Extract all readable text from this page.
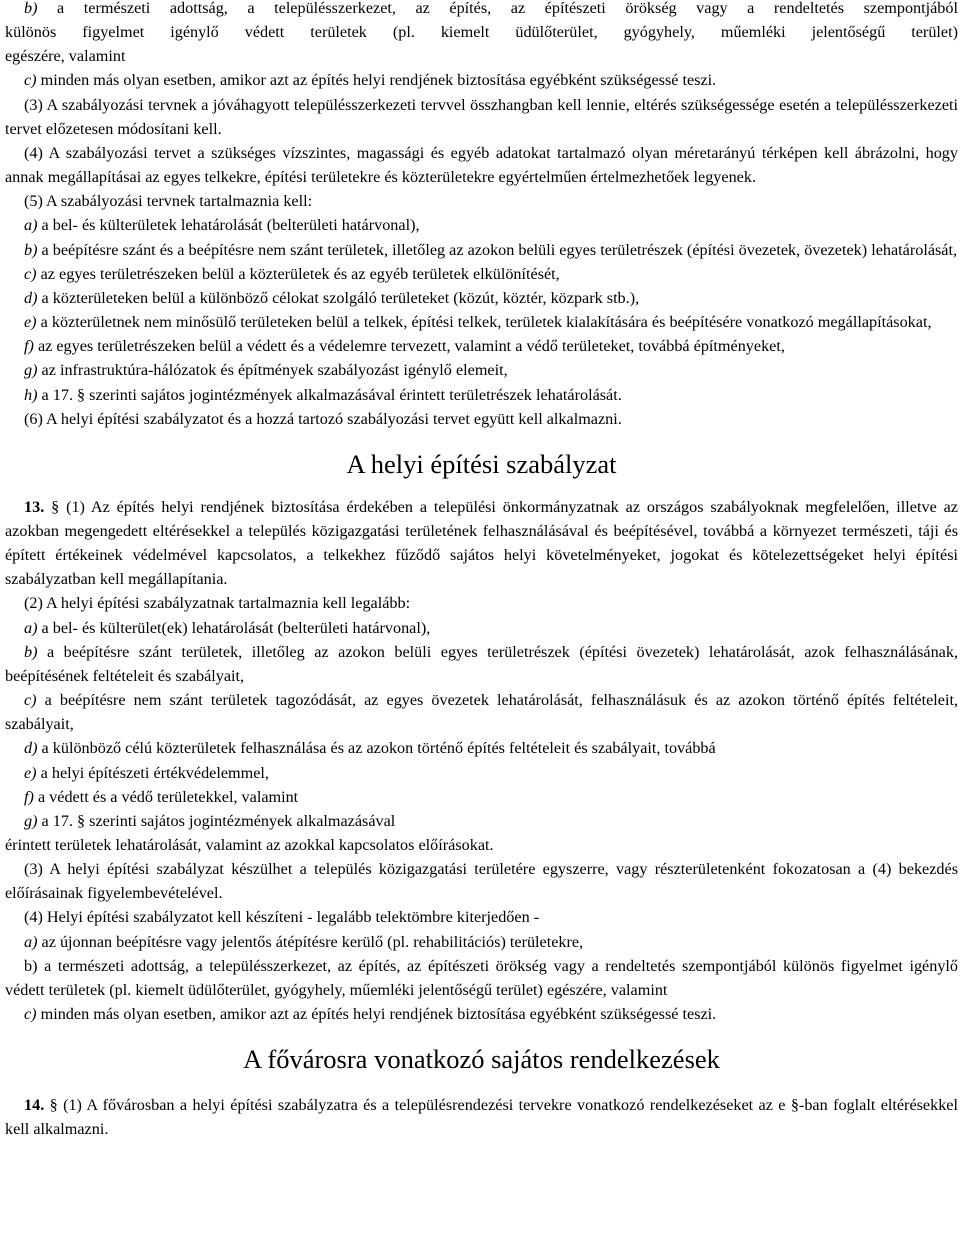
b) a természeti adottság, a településszerkezet, az építés, az építészeti örökség vagy a rendeltetés szempontjából

különös figyelmet igénylő védett területek (pl. kiemelt üdülőterület, gyógyhely, műemléki jelentőségű terület)

egészére, valamint

c) minden más olyan esetben, amikor azt az építés helyi rendjének biztosítása egyébként szükségessé teszi.

(3) A szabályozási tervnek a jóváhagyott településszerkezeti tervvel összhangban kell lennie, eltérés szükségessége esetén a településszerkezeti tervet előzetesen módosítani kell.

(4) A szabályozási tervet a szükséges vízszintes, magassági és egyéb adatokat tartalmazó olyan méretarányú térképen kell ábrázolni, hogy annak megállapításai az egyes telkekre, építési területekre és közterületekre egyértelműen értelmezhetőek legyenek.

(5) A szabályozási tervnek tartalmaznia kell:

a) a bel- és külterületek lehatárolását (belterületi határvonal),

b) a beépítésre szánt és a beépítésre nem szánt területek, illetőleg az azokon belüli egyes területrészek (építési övezetek, övezetek) lehatárolását,

c) az egyes területrészeken belül a közterületek és az egyéb területek elkülönítését,

d) a közterületeken belül a különböző célokat szolgáló területeket (közút, köztér, közpark stb.),

e) a közterületnek nem minősülő területeken belül a telkek, építési telkek, területek kialakítására és beépítésére vonatkozó megállapításokat,

f) az egyes területrészeken belül a védett és a védelemre tervezett, valamint a védő területeket, továbbá építményeket,

g) az infrastruktúra-hálózatok és építmények szabályozást igénylő elemeit,

h) a 17. § szerinti sajátos jogintézmények alkalmazásával érintett területrészek lehatárolását.

(6) A helyi építési szabályzatot és a hozzá tartozó szabályozási tervet együtt kell alkalmazni.

A helyi építési szabályzat

13. § (1) Az építés helyi rendjének biztosítása érdekében a települési önkormányzatnak az országos szabályoknak megfelelően, illetve az azokban megengedett eltérésekkel a település közigazgatási területének felhasználásával és beépítésével, továbbá a környezet természeti, táji és épített értékeinek védelmével kapcsolatos, a telkekhez fűződő sajátos helyi követelményeket, jogokat és kötelezettségeket helyi építési szabályzatban kell megállapítania.

(2) A helyi építési szabályzatnak tartalmaznia kell legalább:

a) a bel- és külterület(ek) lehatárolását (belterületi határvonal),

b) a beépítésre szánt területek, illetőleg az azokon belüli egyes területrészek (építési övezetek) lehatárolását, azok felhasználásának, beépítésének feltételeit és szabályait,

c) a beépítésre nem szánt területek tagozódását, az egyes övezetek lehatárolását, felhasználásuk és az azokon történő építés feltételeit, szabályait,

d) a különböző célú közterületek felhasználása és az azokon történő építés feltételeit és szabályait, továbbá

e) a helyi építészeti értékvédelemmel,

f) a védett és a védő területekkel, valamint

g) a 17. § szerinti sajátos jogintézmények alkalmazásával

érintett területek lehatárolását, valamint az azokkal kapcsolatos előírásokat.

(3) A helyi építési szabályzat készülhet a település közigazgatási területére egyszerre, vagy részterületenként fokozatosan a (4) bekezdés előírásainak figyelembevételével.

(4) Helyi építési szabályzatot kell készíteni - legalább telektömbre kiterjedően -

a) az újonnan beépítésre vagy jelentős átépítésre kerülő (pl. rehabilitációs) területekre,

b) a természeti adottság, a településszerkezet, az építés, az építészeti örökség vagy a rendeltetés szempontjából különös figyelmet igénylő védett területek (pl. kiemelt üdülőterület, gyógyhely, műemléki jelentőségű terület) egészére, valamint

c) minden más olyan esetben, amikor azt az építés helyi rendjének biztosítása egyébként szükségessé teszi.

A fővárosra vonatkozó sajátos rendelkezések

14. § (1) A fővárosban a helyi építési szabályzatra és a településrendezési tervekre vonatkozó rendelkezéseket az e §-ban foglalt eltérésekkel kell alkalmazni.
